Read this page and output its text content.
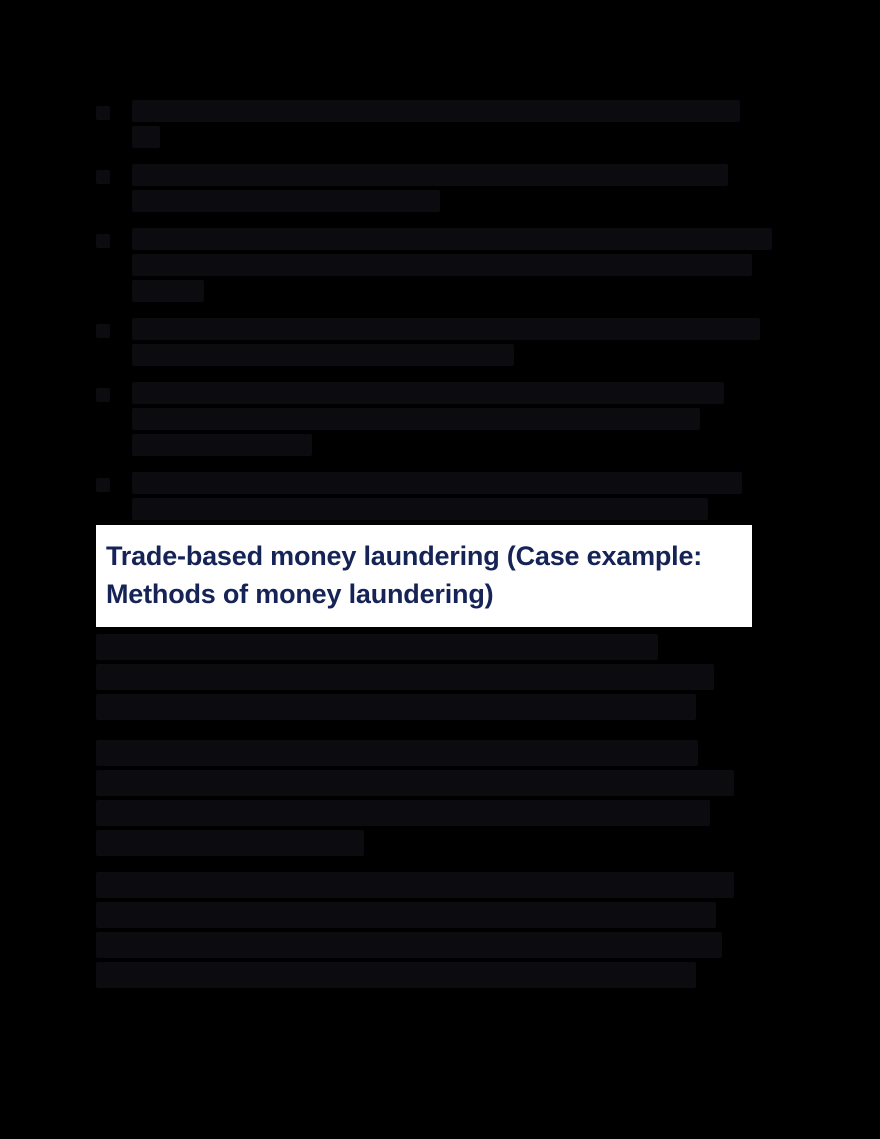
Trade-based money laundering (Case example: Methods of money laundering)
